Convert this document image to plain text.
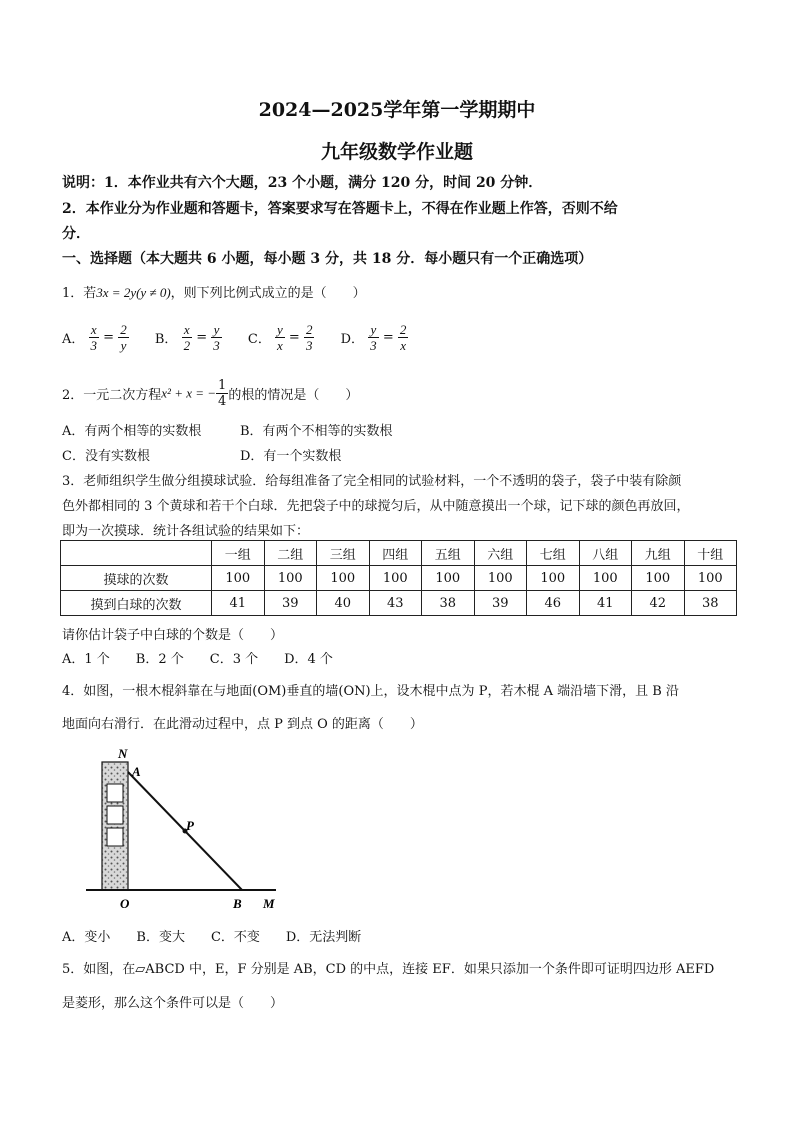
2024—2025学年第一学期期中
九年级数学作业题
说明：1．本作业共有六个大题，23 个小题，满分 120 分，时间 20 分钟．
2．本作业分为作业题和答题卡，答案要求写在答题卡上，不得在作业题上作答，否则不给
分．
一、选择题（本大题共 6 小题，每小题 3 分，共 18 分．每小题只有一个正确选项）
1．若3x = 2y(y ≠ 0)，则下列比例式成立的是（　　）
A． $\frac{x}{3} = \frac{2}{y}$ B． $\frac{x}{2} = \frac{y}{3}$ C． $\frac{y}{x} = \frac{2}{3}$ D． $\frac{y}{3} = \frac{2}{x}$
2．一元二次方程x² + x = − $\frac{1}{4}$ 的根的情况是（　　）
A．有两个相等的实数根	B．有两个不相等的实数根
C．没有实数根	D．有一个实数根
3．老师组织学生做分组摸球试验．给每组准备了完全相同的试验材料，一个不透明的袋子，袋子中装有除颜
色外都相同的 3 个黄球和若干个白球．先把袋子中的球搅匀后，从中随意摸出一个球，记下球的颜色再放回，
即为一次摸球．统计各组试验的结果如下：
	一组	二组	三组	四组	五组	六组	七组	八组	九组	十组
摸球的次数	100	100	100	100	100	100	100	100	100	100
摸到白球的次数	41	39	40	43	38	39	46	41	42	38
请你估计袋子中白球的个数是（　　）
A．1 个　　B．2 个　　C．3 个　　D．4 个
4．如图，一根木棍斜靠在与地面(OM)垂直的墙(ON)上，设木棍中点为 P，若木棍 A 端沿墙下滑，且 B 沿
地面向右滑行．在此滑动过程中，点 P 到点 O 的距离（　　）
N
A
P
O	B M
A．变小　　B．变大　　C．不变　　D．无法判断
5．如图，在▱ABCD 中，E，F 分别是 AB，CD 的中点，连接 EF．如果只添加一个条件即可证明四边形 AEFD
是菱形，那么这个条件可以是（　　）
